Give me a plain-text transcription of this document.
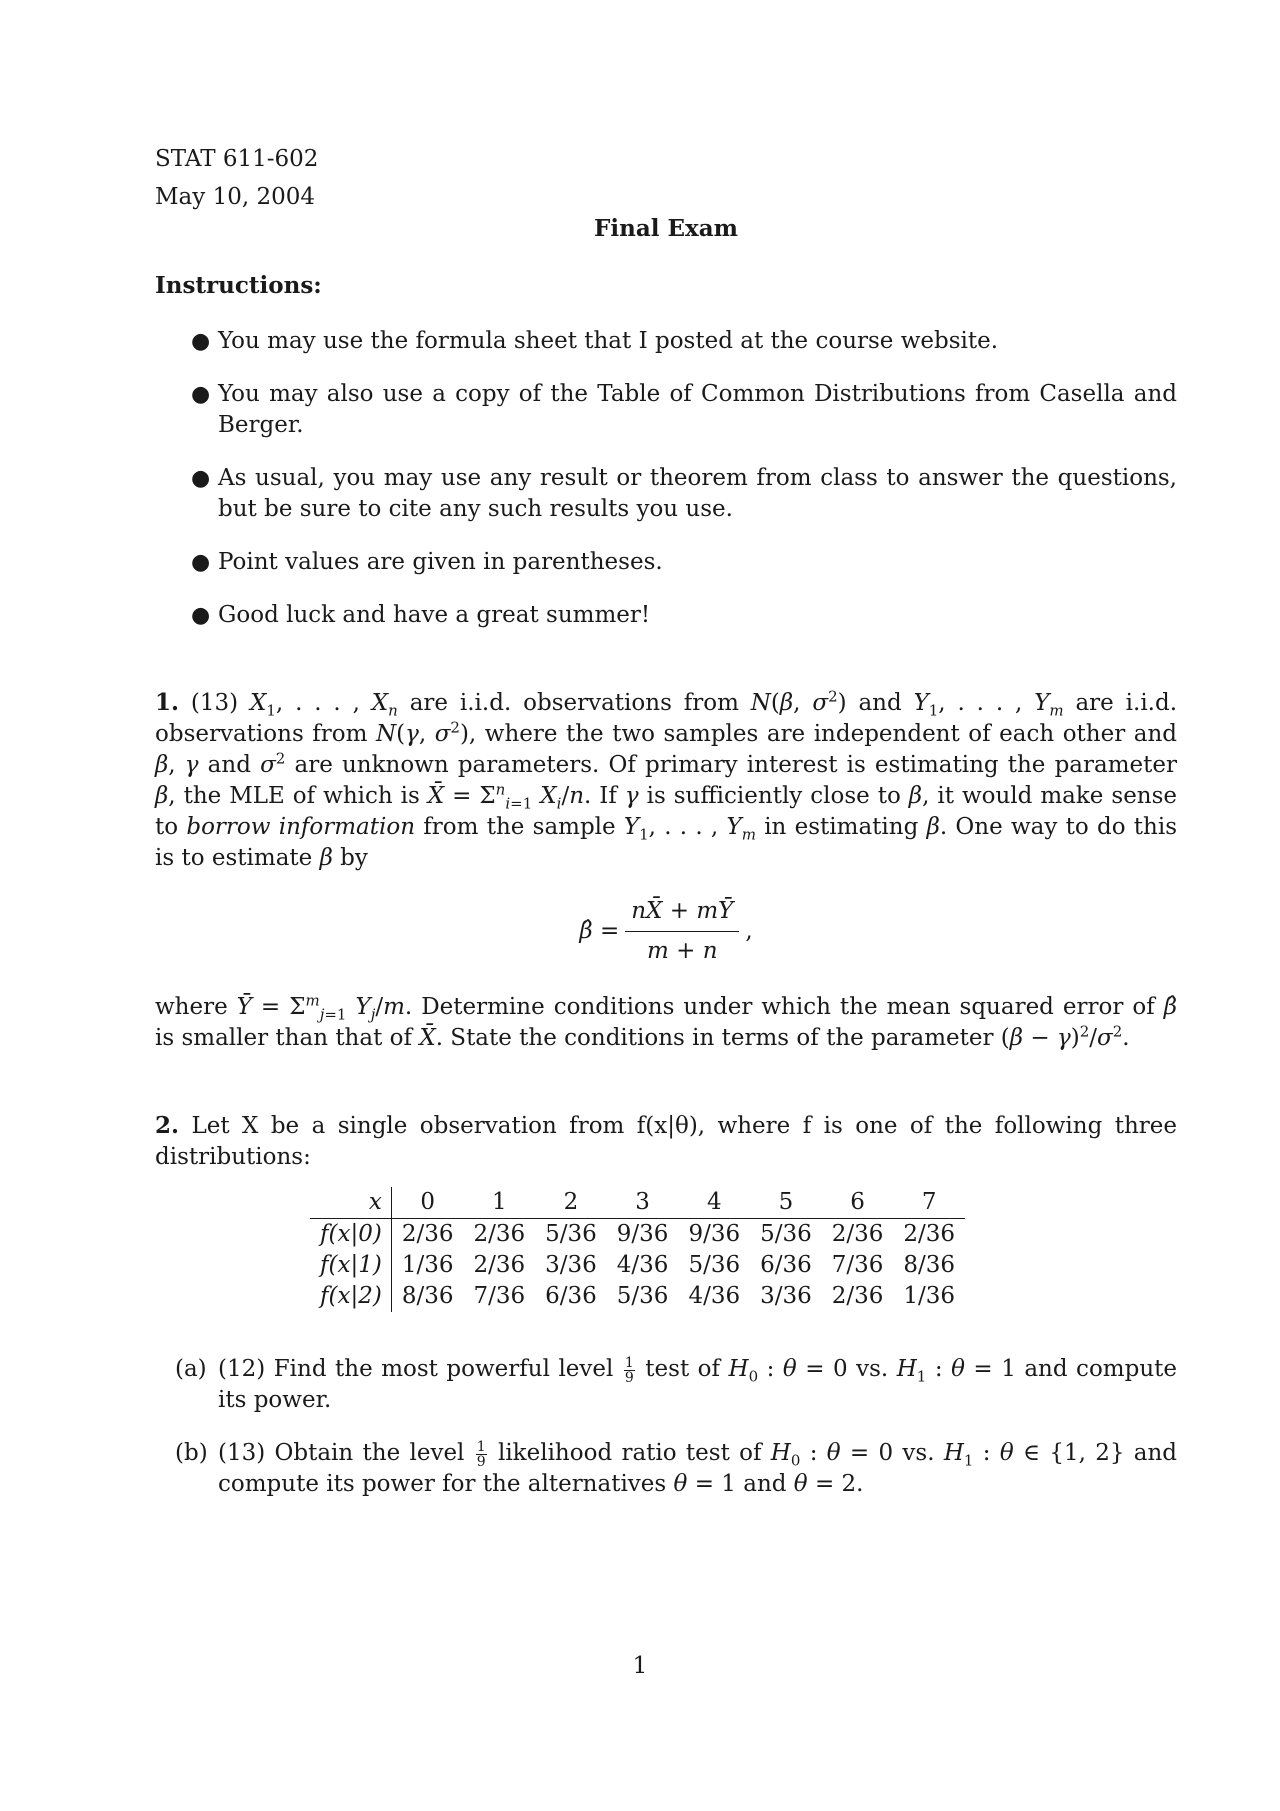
STAT 611-602
May 10, 2004
Final Exam
Instructions:
● You may use the formula sheet that I posted at the course website.
● You may also use a copy of the Table of Common Distributions from Casella and Berger.
● As usual, you may use any result or theorem from class to answer the questions, but be sure to cite any such results you use.
● Point values are given in parentheses.
● Good luck and have a great summer!
1. (13) $X_1$, . . . , $X_n$ are i.i.d. observations from N(β, $\sigma^2$) and $Y_1$, . . . , $Y_m$ are i.i.d. observations from N(γ, $\sigma^2$), where the two samples are independent of each other and β, γ and $\sigma^2$ are unknown parameters. Of primary interest is estimating the parameter β, the MLE of which is X̄ = $\Sigma^n_{i=1}$ $X_i/n$. If γ is sufficiently close to β, it would make sense to borrow information from the sample $Y_1$, . . . , $Y_m$ in estimating β. One way to do this is to estimate β by
β̂ = $\frac{nX̄ + mȲ}{m + n}$ ,
where Ȳ = $\Sigma^m_{j=1}$ $Y_j/m$. Determine conditions under which the mean squared error of β̂ is smaller than that of X̄. State the conditions in terms of the parameter $(\beta - \gamma)^2/\sigma^2$.
2. Let X be a single observation from f(x|θ), where f is one of the following three distributions:
x	0	1	2	3	4	5	6	7
f(x|0)	2/36	2/36	5/36	9/36	9/36	5/36	2/36	2/36
f(x|1)	1/36	2/36	3/36	4/36	5/36	6/36	7/36	8/36
f(x|2)	8/36	7/36	6/36	5/36	4/36	3/36	2/36	1/36
(a) (12) Find the most powerful level $\frac{1}{9}$ test of $H_0$ : θ = 0 vs. $H_1$ : θ = 1 and compute its power.
(b) (13) Obtain the level $\frac{1}{9}$ likelihood ratio test of $H_0$ : θ = 0 vs. $H_1$ : θ ∈ {1, 2} and compute its power for the alternatives θ = 1 and θ = 2.
1
